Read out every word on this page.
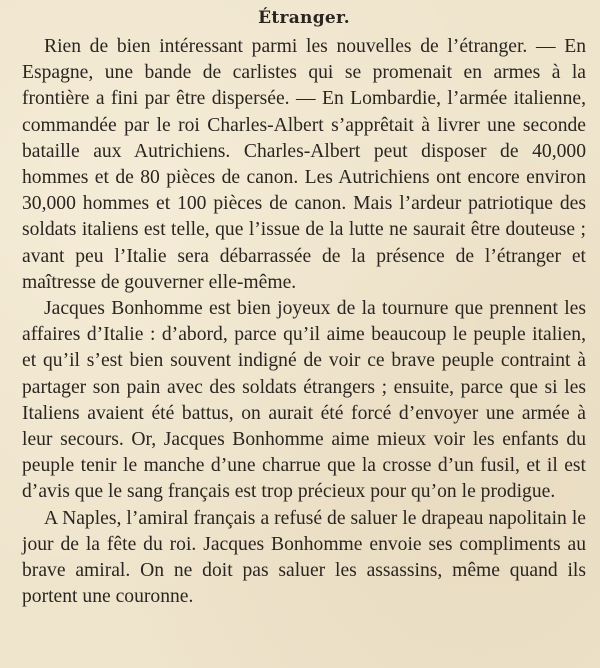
Étranger.

Rien de bien intéressant parmi les nouvelles de l’étranger. — En Espagne, une bande de carlistes qui se promenait en armes à la frontière a fini par être dispersée. — En Lombardie, l’armée italienne, commandée par le roi Charles-Albert s’apprêtait à livrer une seconde bataille aux Autrichiens. Charles-Albert peut disposer de 40,000 hommes et de 80 pièces de canon. Les Autrichiens ont encore environ 30,000 hommes et 100 pièces de canon. Mais l’ardeur patriotique des soldats italiens est telle, que l’issue de la lutte ne saurait être douteuse ; avant peu l’Italie sera débarrassée de la présence de l’étranger et maîtresse de gouverner elle-même.

Jacques Bonhomme est bien joyeux de la tournure que prennent les affaires d’Italie : d’abord, parce qu’il aime beaucoup le peuple italien, et qu’il s’est bien souvent indigné de voir ce brave peuple contraint à partager son pain avec des soldats étrangers ; ensuite, parce que si les Italiens avaient été battus, on aurait été forcé d’envoyer une armée à leur secours. Or, Jacques Bonhomme aime mieux voir les enfants du peuple tenir le manche d’une charrue que la crosse d’un fusil, et il est d’avis que le sang français est trop précieux pour qu’on le prodigue.

A Naples, l’amiral français a refusé de saluer le drapeau napolitain le jour de la fête du roi. Jacques Bonhomme envoie ses compliments au brave amiral. On ne doit pas saluer les assassins, même quand ils portent une couronne.
